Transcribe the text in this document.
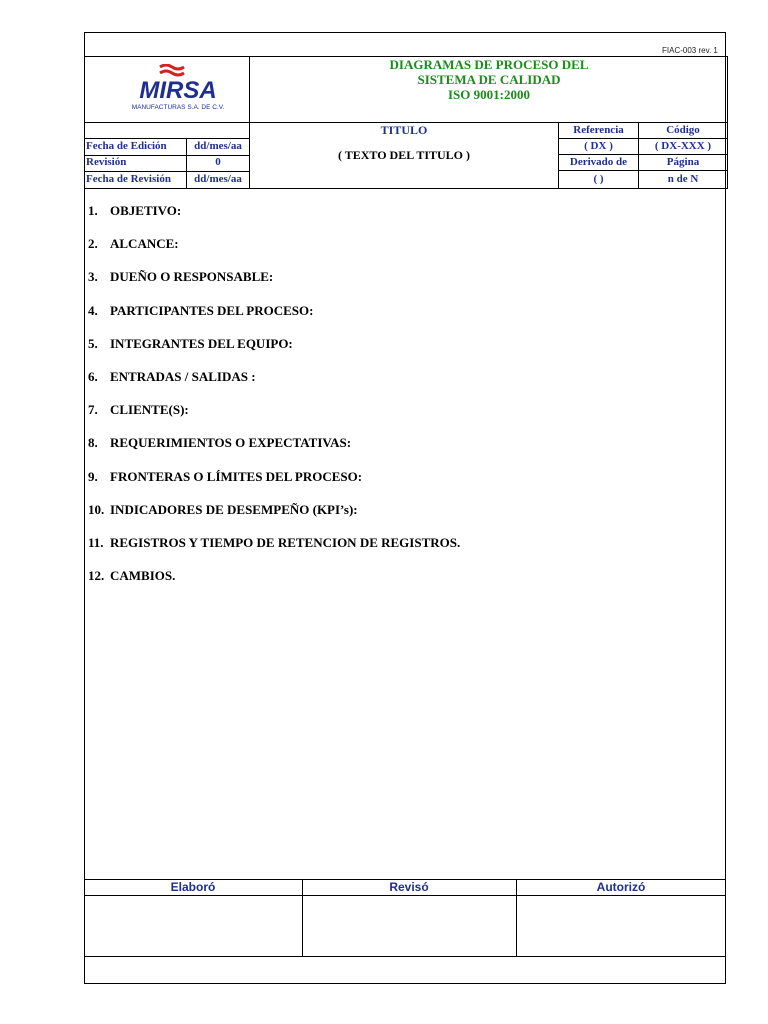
FIAC-003 rev. 1
MIRSA
MANUFACTURAS S.A. DE C.V.
DIAGRAMAS DE PROCESO DEL
SISTEMA DE CALIDAD
ISO 9001:2000
Fecha de Edición	dd/mes/aa
Revisión	0
Fecha de Revisión	dd/mes/aa
TITULO
( TEXTO DEL TITULO )
Referencia	Código
( DX )	( DX-XXX )
Derivado de	Página
( )	n de N
1. OBJETIVO:
2. ALCANCE:
3. DUEÑO O RESPONSABLE:
4. PARTICIPANTES DEL PROCESO:
5. INTEGRANTES DEL EQUIPO:
6. ENTRADAS / SALIDAS :
7. CLIENTE(S):
8. REQUERIMIENTOS O EXPECTATIVAS:
9. FRONTERAS O LÍMITES DEL PROCESO:
10. INDICADORES DE DESEMPEÑO (KPI’s):
11. REGISTROS Y TIEMPO DE RETENCION DE REGISTROS.
12. CAMBIOS.
Elaboró	Revisó	Autorizó
